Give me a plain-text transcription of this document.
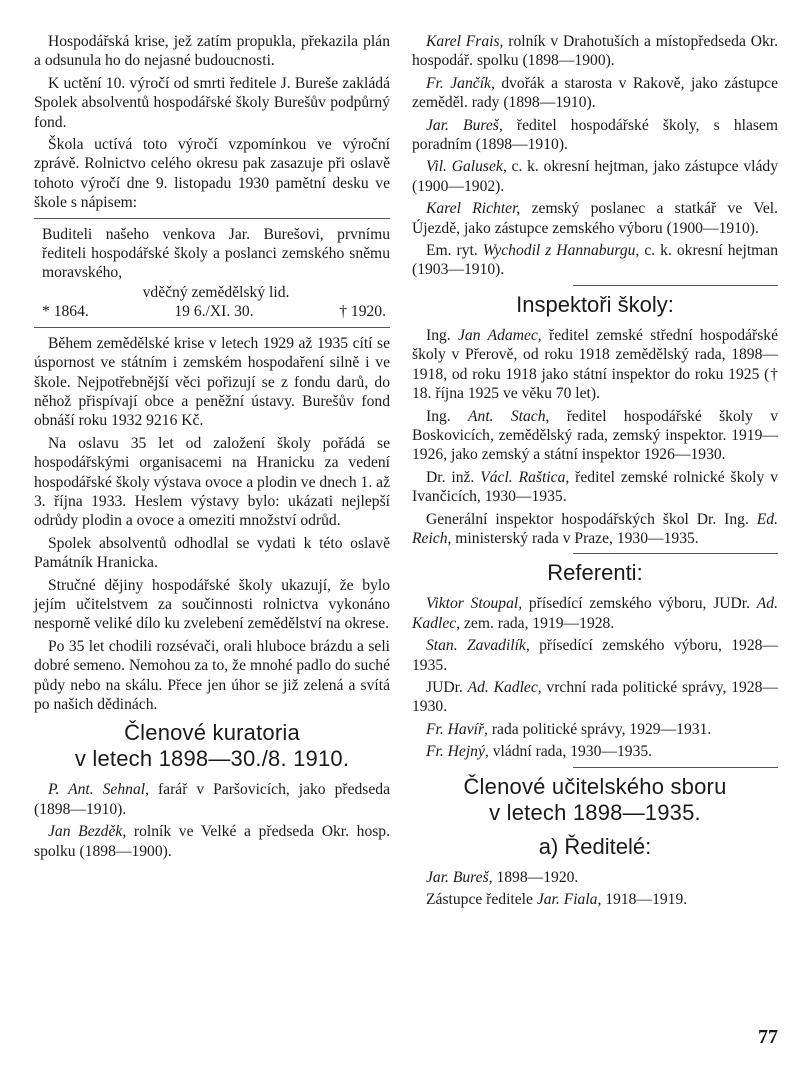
Hospodářská krise, jež zatím propukla, překazila plán a odsunula ho do nejasné budoucnosti.

K uctění 10. výročí od smrti ředitele J. Bureše zakládá Spolek absolventů hospodářské školy Burešův podpůrný fond.

Škola uctívá toto výročí vzpomínkou ve výroční zprávě. Rolnictvo celého okresu pak zasazuje při oslavě tohoto výročí dne 9. listopadu 1930 pamětní desku ve škole s nápisem:

Buditeli našeho venkova Jar. Burešovi, prvnímu řediteli hospodářské školy a poslanci zemského sněmu moravského,
vděčný zemědělský lid.
* 1864.	19 6./XI. 30.	† 1920.

Během zemědělské krise v letech 1929 až 1935 cítí se úspornost ve státním i zemském hospodaření silně i ve škole. Nejpotřebnější věci pořizují se z fondu darů, do něhož přispívají obce a peněžní ústavy. Burešův fond obnáší roku 1932 9216 Kč.

Na oslavu 35 let od založení školy pořádá se hospodářskými organisacemi na Hranicku za vedení hospodářské školy výstava ovoce a plodin ve dnech 1. až 3. října 1933. Heslem výstavy bylo: ukázati nejlepší odrůdy plodin a ovoce a omeziti množství odrůd.

Spolek absolventů odhodlal se vydati k této oslavě Památník Hranicka.

Stručné dějiny hospodářské školy ukazují, že bylo jejím učitelstvem za součinnosti rolnictva vykonáno nesporně veliké dílo ku zvelebení zemědělství na okrese.

Po 35 let chodili rozsévači, orali hluboce brázdu a seli dobré semeno. Nemohou za to, že mnohé padlo do suché půdy nebo na skálu. Přece jen úhor se již zelená a svítá po našich dědinách.

Členové kuratoria
v letech 1898—30./8. 1910.

P. Ant. Sehnal, farář v Paršovicích, jako předseda (1898—1910).

Jan Bezděk, rolník ve Velké a předseda Okr. hosp. spolku (1898—1900).

Karel Frais, rolník v Drahotuších a místopředseda Okr. hospodář. spolku (1898—1900).

Fr. Jančík, dvořák a starosta v Rakově, jako zástupce zeměděl. rady (1898—1910).

Jar. Bureš, ředitel hospodářské školy, s hlasem poradním (1898—1910).

Vil. Galusek, c. k. okresní hejtman, jako zástupce vlády (1900—1902).

Karel Richter, zemský poslanec a statkář ve Vel. Újezdě, jako zástupce zemského výboru (1900—1910).

Em. ryt. Wychodil z Hannaburgu, c. k. okresní hejtman (1903—1910).

Inspektoři školy:

Ing. Jan Adamec, ředitel zemské střední hospodářské školy v Přerově, od roku 1918 zemědělský rada, 1898—1918, od roku 1918 jako státní inspektor do roku 1925 († 18. října 1925 ve věku 70 let).

Ing. Ant. Stach, ředitel hospodářské školy v Boskovicích, zemědělský rada, zemský inspektor. 1919—1926, jako zemský a státní inspektor 1926—1930.

Dr. inž. Václ. Raštica, ředitel zemské rolnické školy v Ivančicích, 1930—1935.

Generální inspektor hospodářských škol Dr. Ing. Ed. Reich, ministerský rada v Praze, 1930—1935.

Referenti:

Viktor Stoupal, přísedící zemského výboru, JUDr. Ad. Kadlec, zem. rada, 1919—1928.

Stan. Zavadilík, přísedící zemského výboru, 1928—1935.

JUDr. Ad. Kadlec, vrchní rada politické správy, 1928—1930.

Fr. Havíř, rada politické správy, 1929—1931.

Fr. Hejný, vládní rada, 1930—1935.

Členové učitelského sboru
v letech 1898—1935.
a) Ředitelé:

Jar. Bureš, 1898—1920.

Zástupce ředitele Jar. Fiala, 1918—1919.

77
